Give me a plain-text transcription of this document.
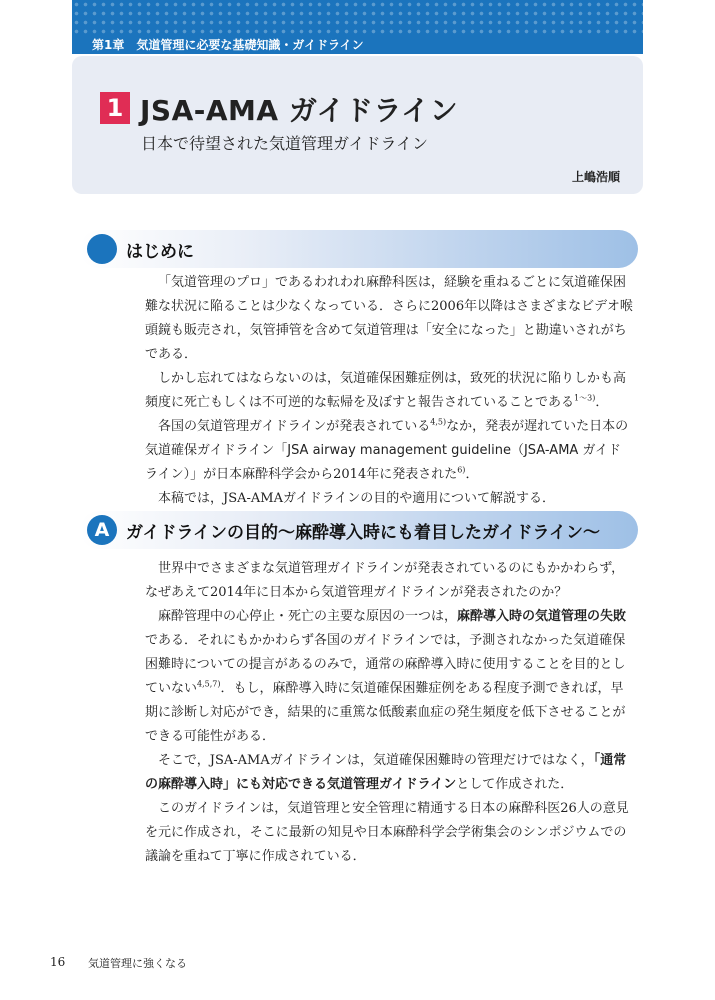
第1章　気道管理に必要な基礎知識・ガイドライン
1 JSA-AMA ガイドライン
日本で待望された気道管理ガイドライン
上嶋浩順
はじめに

「気道管理のプロ」であるわれわれ麻酔科医は，経験を重ねるごとに気道確保困難な状況に陥ることは少なくなっている．さらに2006年以降はさまざまなビデオ喉頭鏡も販売され，気管挿管を含めて気道管理は「安全になった」と勘違いされがちである．

しかし忘れてはならないのは，気道確保困難症例は，致死的状況に陥りしかも高頻度に死亡もしくは不可逆的な転帰を及ぼすと報告されていることである$^{1\sim 3)}$．

各国の気道管理ガイドラインが発表されている$^{4,5)}$なか，発表が遅れていた日本の気道確保ガイドライン「JSA airway management guideline（JSA-AMA ガイドライン）」が日本麻酔科学会から2014年に発表された$^{6)}$．

本稿では，JSA-AMAガイドラインの目的や適用について解説する．

A ガイドラインの目的～麻酔導入時にも着目したガイドライン～

世界中でさまざまな気道管理ガイドラインが発表されているのにもかかわらず，なぜあえて2014年に日本から気道管理ガイドラインが発表されたのか？

麻酔管理中の心停止・死亡の主要な原因の一つは，麻酔導入時の気道管理の失敗である．それにもかかわらず各国のガイドラインでは，予測されなかった気道確保困難時についての提言があるのみで，通常の麻酔導入時に使用することを目的としていない$^{4,5,7)}$．もし，麻酔導入時に気道確保困難症例をある程度予測できれば，早期に診断し対応ができ，結果的に重篤な低酸素血症の発生頻度を低下させることができる可能性がある．

そこで，JSA-AMAガイドラインは，気道確保困難時の管理だけではなく，「通常の麻酔導入時」にも対応できる気道管理ガイドラインとして作成された．

このガイドラインは，気道管理と安全管理に精通する日本の麻酔科医26人の意見を元に作成され，そこに最新の知見や日本麻酔科学会学術集会のシンポジウムでの議論を重ねて丁寧に作成されている．

16 気道管理に強くなる
